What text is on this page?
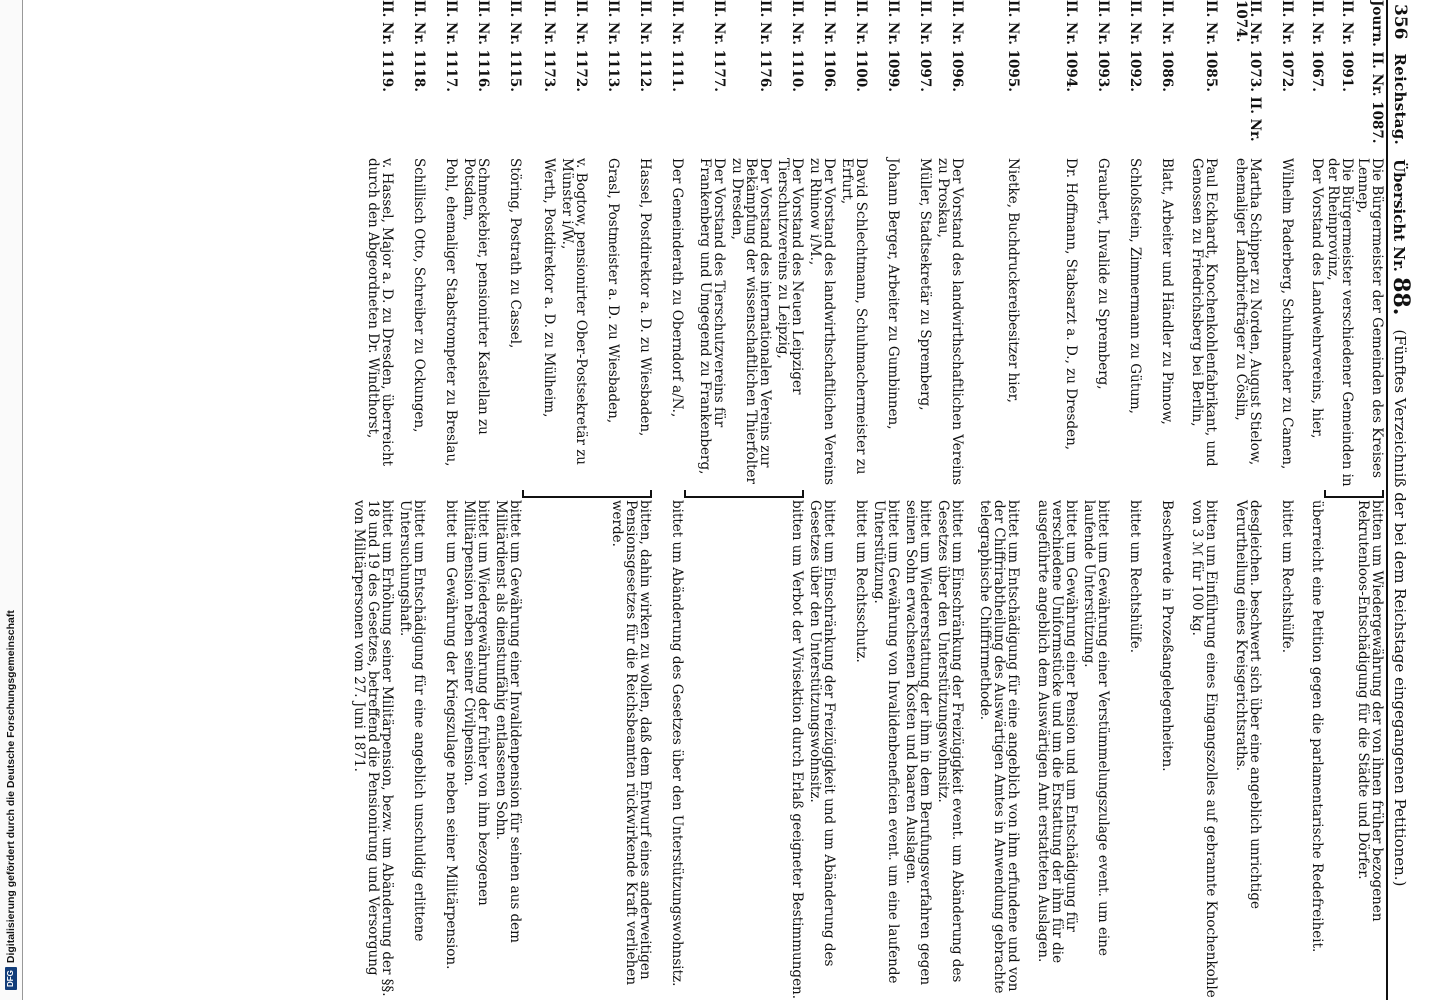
DFG
Digitalisierung gefördert durch die Deutsche Forschungsgemeinschaft
356
Reichstag.
Übersicht Nr. 88.
(Fünftes Verzeichniß der bei dem Reichstage eingegangenen Petitionen.)
Journ. II. Nr. 1087.

Die Bürgermeister der Gemeinden des Kreises Lennep,

bitten um Wiedergewährung der von ihnen früher bezogenen Rekrutenloos-Entschädigung für die Städte und Dörfer.

II. Nr. 1091.

Die Bürgermeister verschiedener Gemeinden in der Rheinprovinz,

II. Nr. 1067.

Der Vorstand des Landwehrvereins, hier,

überreicht eine Petition gegen die parlamentarische Redefreiheit.

II. Nr. 1072.

Wilhelm Paderberg, Schuhmacher zu Camen,

bittet um Rechtshülfe.

II. Nr. 1073. II. Nr. 1074.

Martha Schipper zu Norden, August Stielow, ehemaliger Landbriefträger zu Cöslin,

desgleichen. beschwert sich über eine angeblich unrichtige Verurtheilung eines Kreisgerichtsraths.

II. Nr. 1085.

Paul Eckhardt, Knochenkohlenfabrikant, und Genossen zu Friedrichsberg bei Berlin,

bitten um Einführung eines Eingangszolles auf gebrannte Knochenkohle von 3 ℳ für 100 kg.

II. Nr. 1086.

Blatt, Arbeiter und Händler zu Pinnow,

Beschwerde in Prozeßangelegenheiten.

II. Nr. 1092.

Schloßstein, Zimmermann zu Gütum,

bittet um Rechtshülfe.

II. Nr. 1093.

Graubert, Invalide zu Spremberg,

bittet um Gewährung einer Verstümmelungszulage event. um eine laufende Unterstützung.

II. Nr. 1094.

Dr. Hoffmann, Stabsarzt a. D., zu Dresden,

bittet um Gewährung einer Pension und um Entschädigung für verschiedene Uniformstücke und um die Erstattung der ihm für die ausgeführte angeblich dem Auswärtigen Amt erstatteten Auslagen.

II. Nr. 1095.

Nietke, Buchdruckereibesitzer hier,

bittet um Entschädigung für eine angeblich von ihm erfundene und von der Chiffrirabtheilung des Auswärtigen Amtes in Anwendung gebrachte telegraphische Chiffrirmethode.

II. Nr. 1096.

Der Vorstand des landwirthschaftlichen Vereins zu Proskau,

bittet um Einschränkung der Freizügigkeit event. um Abänderung des Gesetzes über den Unterstützungswohnsitz.

II. Nr. 1097.

Müller, Stadtsekretär zu Spremberg,

bittet um Wiedererstattung der ihm in dem Berufungsverfahren gegen seinen Sohn erwachsenen Kosten und baaren Auslagen.

II. Nr. 1099.

Johann Berger, Arbeiter zu Gumbinnen,

bittet um Gewährung von Invalidenbeneficien event. um eine laufende Unterstützung.

II. Nr. 1100.

David Schlechtmann, Schuhmachermeister zu Erfurt,

bittet um Rechtsschutz.

II. Nr. 1106.

Der Vorstand des landwirthschaftlichen Vereins zu Rhinow i/M.,

bittet um Einschränkung der Freizügigkeit und um Abänderung des Gesetzes über den Unterstützungswohnsitz.

II. Nr. 1110.

Der Vorstand des Neuen Leipziger Tierschutzvereins zu Leipzig,

bitten um Verbot der Vivisektion durch Erlaß geeigneter Bestimmungen.

II. Nr. 1176.

Der Vorstand des internationalen Vereins zur Bekämpfung der wissenschaftlichen Thierfolter zu Dresden,

II. Nr. 1177.

Der Vorstand des Tierschutzvereins für Frankenberg und Umgegend zu Frankenberg,

II. Nr. 1111.

Der Gemeinderath zu Oberndorf a/N.,

bittet um Abänderung des Gesetzes über den Unterstützungswohnsitz.

II. Nr. 1112.

Hassel, Postdirektor a. D. zu Wiesbaden,

bitten, dahin wirken zu wollen, daß dem Entwurf eines anderweitigen Pensionsgesetzes für die Reichsbeamten rückwirkende Kraft verliehen werde.

II. Nr. 1113.

Grasl, Postmeister a. D. zu Wiesbaden,

II. Nr. 1172.

v. Bogtow, pensionirter Ober-Postsekretär zu Münster i/W.,

II. Nr. 1173.

Werth, Postdirektor a. D. zu Mülheim,

II. Nr. 1115.

Störing, Postrath zu Cassel,

bittet um Gewährung einer Invalidenpension für seinen aus dem Militärdienst als dienstunfähig entlassenen Sohn.

II. Nr. 1116.

Schmeckebier, pensionirter Kastellan zu Potsdam,

bittet um Wiedergewährung der früher von ihm bezogenen Militärpension neben seiner Civilpension.

II. Nr. 1117.

Pohl, ehemaliger Stabstrompeter zu Breslau,

bittet um Gewährung der Kriegszulage neben seiner Militärpension.

II. Nr. 1118.

Schillisch Otto, Schreiber zu Ockungen,

bittet um Entschädigung für eine angeblich unschuldig erlittene Untersuchungshaft.

II. Nr. 1119.

v. Hassel, Major a. D. zu Dresden, überreicht durch den Abgeordneten Dr. Windthorst,

bittet um Erhöhung seiner Militärpension, bezw. um Abänderung der §§. 18 und 19 des Gesetzes, betreffend die Pensionirung und Versorgung von Militärpersonen vom 27. Juni 1871.
